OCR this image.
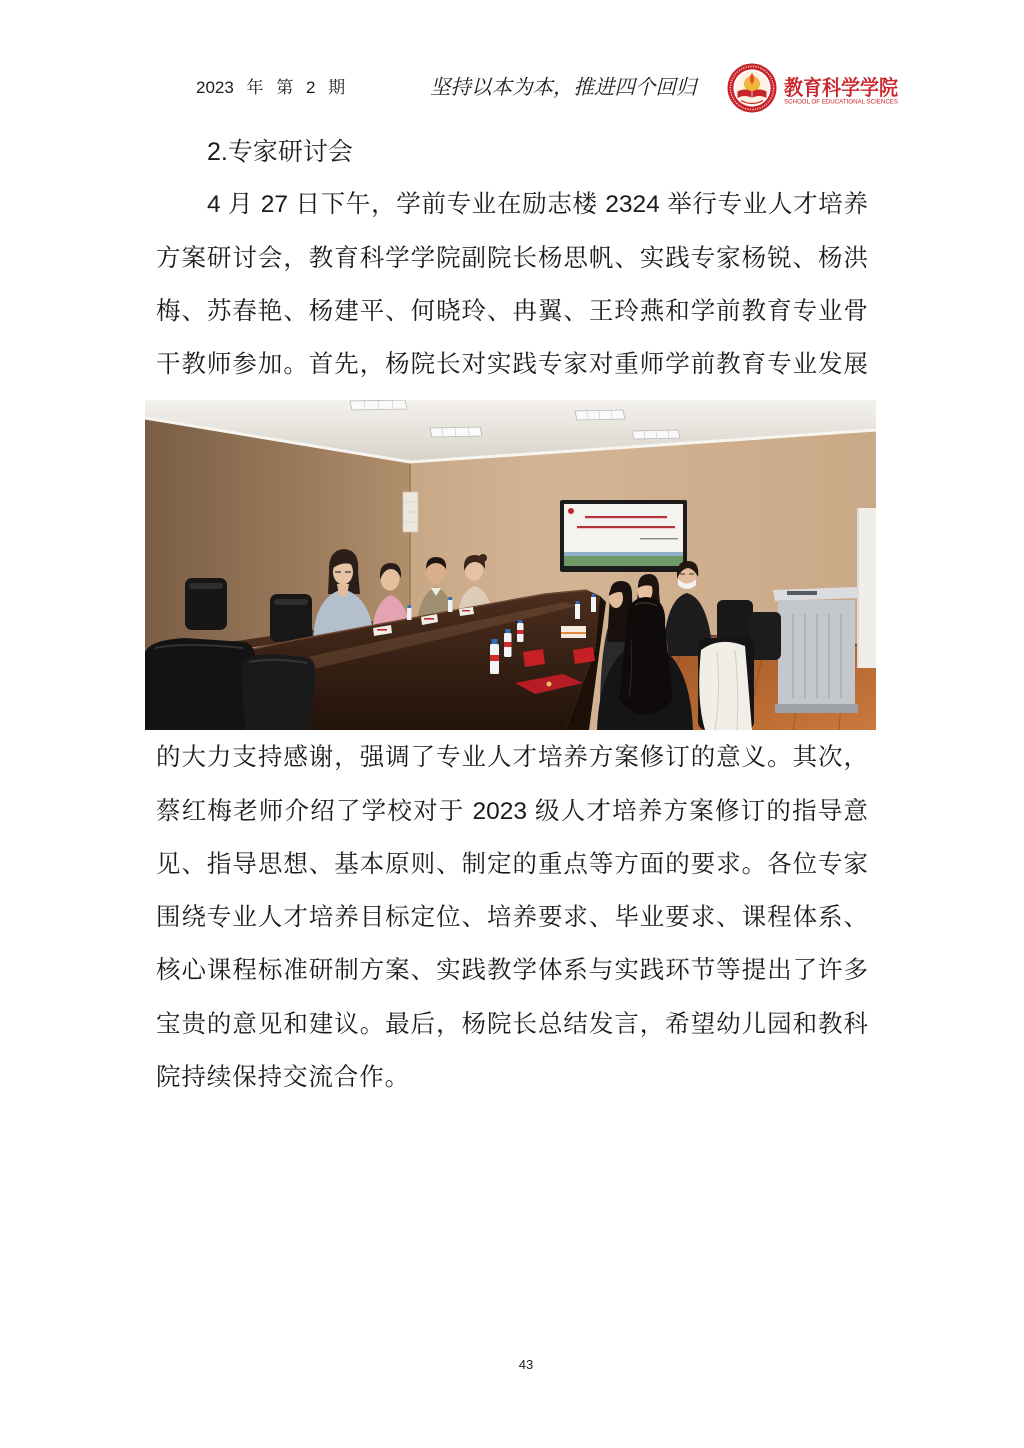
2023 年 第 2 期	坚持以本为本，推进四个回归	教育科学学院
SCHOOL OF EDUCATIONAL SCIENCES
2.专家研讨会
4 月 27 日下午，学前专业在励志楼 2324 举行专业人才培养
方案研讨会，教育科学学院副院长杨思帆、实践专家杨锐、杨洪
梅、苏春艳、杨建平、何晓玲、冉翼、王玲燕和学前教育专业骨
干教师参加。首先，杨院长对实践专家对重师学前教育专业发展
的大力支持感谢，强调了专业人才培养方案修订的意义。其次，
蔡红梅老师介绍了学校对于 2023 级人才培养方案修订的指导意
见、指导思想、基本原则、制定的重点等方面的要求。各位专家
围绕专业人才培养目标定位、培养要求、毕业要求、课程体系、
核心课程标准研制方案、实践教学体系与实践环节等提出了许多
宝贵的意见和建议。最后，杨院长总结发言，希望幼儿园和教科
院持续保持交流合作。
43
